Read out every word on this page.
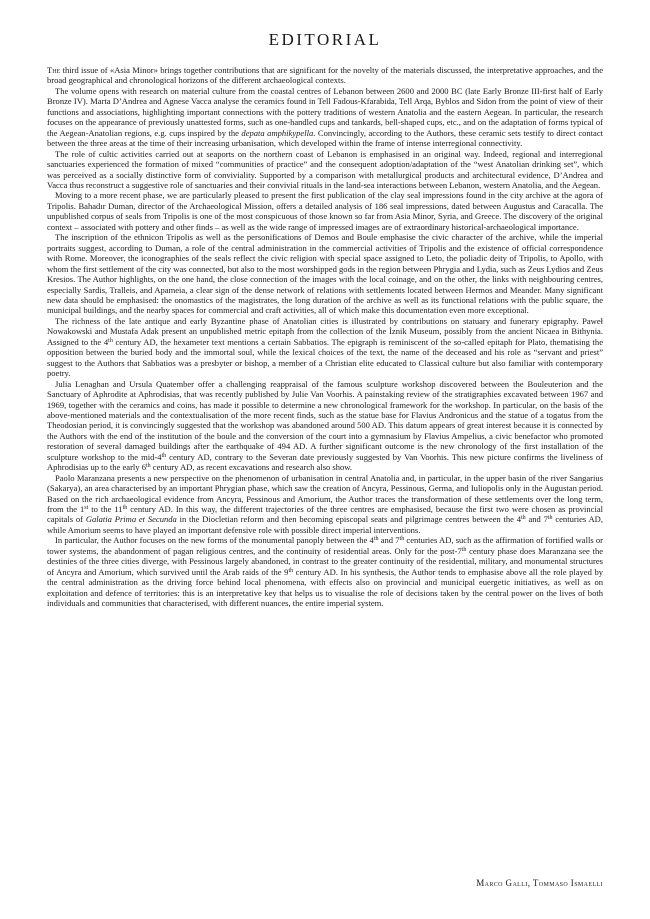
EDITORIAL

The third issue of «Asia Minor» brings together contributions that are significant for the novelty of the materials discussed, the interpretative approaches, and the broad geographical and chronological horizons of the different archaeological contexts.

The volume opens with research on material culture from the coastal centres of Lebanon between 2600 and 2000 BC (late Early Bronze III-first half of Early Bronze IV). Marta D’Andrea and Agnese Vacca analyse the ceramics found in Tell Fadous-Kfarabida, Tell Arqa, Byblos and Sidon from the point of view of their functions and associations, highlighting important connections with the pottery traditions of western Anatolia and the eastern Aegean. In particular, the research focuses on the appearance of previously unattested forms, such as one-handled cups and tankards, bell-shaped cups, etc., and on the adaptation of forms typical of the Aegean-Anatolian regions, e.g. cups inspired by the depata amphikypella. Convincingly, according to the Authors, these ceramic sets testify to direct contact between the three areas at the time of their increasing urbanisation, which developed within the frame of intense interregional connectivity.

The role of cultic activities carried out at seaports on the northern coast of Lebanon is emphasised in an original way. Indeed, regional and interregional sanctuaries experienced the formation of mixed “communities of practice” and the consequent adoption/adaptation of the “west Anatolian drinking set”, which was perceived as a socially distinctive form of conviviality. Supported by a comparison with metallurgical products and architectural evidence, D’Andrea and Vacca thus reconstruct a suggestive role of sanctuaries and their convivial rituals in the land-sea interactions between Lebanon, western Anatolia, and the Aegean.

Moving to a more recent phase, we are particularly pleased to present the first publication of the clay seal impressions found in the city archive at the agora of Tripolis. Bahadır Duman, director of the Archaeological Mission, offers a detailed analysis of 186 seal impressions, dated between Augustus and Caracalla. The unpublished corpus of seals from Tripolis is one of the most conspicuous of those known so far from Asia Minor, Syria, and Greece. The discovery of the original context – associated with pottery and other finds – as well as the wide range of impressed images are of extraordinary historical-archaeological importance.

The inscription of the ethnicon Tripolis as well as the personifications of Demos and Boule emphasise the civic character of the archive, while the imperial portraits suggest, according to Duman, a role of the central administration in the commercial activities of Tripolis and the existence of official correspondence with Rome. Moreover, the iconographies of the seals reflect the civic religion with special space assigned to Leto, the poliadic deity of Tripolis, to Apollo, with whom the first settlement of the city was connected, but also to the most worshipped gods in the region between Phrygia and Lydia, such as Zeus Lydios and Zeus Kresios. The Author highlights, on the one hand, the close connection of the images with the local coinage, and on the other, the links with neighbouring centres, especially Sardis, Tralleis, and Apameia, a clear sign of the dense network of relations with settlements located between Hermos and Meander. Many significant new data should be emphasised: the onomastics of the magistrates, the long duration of the archive as well as its functional relations with the public square, the municipal buildings, and the nearby spaces for commercial and craft activities, all of which make this documentation even more exceptional.

The richness of the late antique and early Byzantine phase of Anatolian cities is illustrated by contributions on statuary and funerary epigraphy. Paweł Nowakowski and Mustafa Adak present an unpublished metric epitaph from the collection of the İznik Museum, possibly from the ancient Nicaea in Bithynia. Assigned to the 4th century AD, the hexameter text mentions a certain Sabbatios. The epigraph is reminiscent of the so-called epitaph for Plato, thematising the opposition between the buried body and the immortal soul, while the lexical choices of the text, the name of the deceased and his role as “servant and priest” suggest to the Authors that Sabbatios was a presbyter or bishop, a member of a Christian elite educated to Classical culture but also familiar with contemporary poetry.

Julia Lenaghan and Ursula Quatember offer a challenging reappraisal of the famous sculpture workshop discovered between the Bouleuterion and the Sanctuary of Aphrodite at Aphrodisias, that was recently published by Julie Van Voorhis. A painstaking review of the stratigraphies excavated between 1967 and 1969, together with the ceramics and coins, has made it possible to determine a new chronological framework for the workshop. In particular, on the basis of the above-mentioned materials and the contextualisation of the more recent finds, such as the statue base for Flavius Andronicus and the statue of a togatus from the Theodosian period, it is convincingly suggested that the workshop was abandoned around 500 AD. This datum appears of great interest because it is connected by the Authors with the end of the institution of the boule and the conversion of the court into a gymnasium by Flavius Ampelius, a civic benefactor who promoted restoration of several damaged buildings after the earthquake of 494 AD. A further significant outcome is the new chronology of the first installation of the sculpture workshop to the mid-4th century AD, contrary to the Severan date previously suggested by Van Voorhis. This new picture confirms the liveliness of Aphrodisias up to the early 6th century AD, as recent excavations and research also show.

Paolo Maranzana presents a new perspective on the phenomenon of urbanisation in central Anatolia and, in particular, in the upper basin of the river Sangarius (Sakarya), an area characterised by an important Phrygian phase, which saw the creation of Ancyra, Pessinous, Germa, and Iuliopolis only in the Augustan period. Based on the rich archaeological evidence from Ancyra, Pessinous and Amorium, the Author traces the transformation of these settlements over the long term, from the 1st to the 11th century AD. In this way, the different trajectories of the three centres are emphasised, because the first two were chosen as provincial capitals of Galatia Prima et Secunda in the Diocletian reform and then becoming episcopal seats and pilgrimage centres between the 4th and 7th centuries AD, while Amorium seems to have played an important defensive role with possible direct imperial interventions.

In particular, the Author focuses on the new forms of the monumental panoply between the 4th and 7th centuries AD, such as the affirmation of fortified walls or tower systems, the abandonment of pagan religious centres, and the continuity of residential areas. Only for the post-7th century phase does Maranzana see the destinies of the three cities diverge, with Pessinous largely abandoned, in contrast to the greater continuity of the residential, military, and monumental structures of Ancyra and Amorium, which survived until the Arab raids of the 9th century AD. In his synthesis, the Author tends to emphasise above all the role played by the central administration as the driving force behind local phenomena, with effects also on provincial and municipal euergetic initiatives, as well as on exploitation and defence of territories: this is an interpretative key that helps us to visualise the role of decisions taken by the central power on the lives of both individuals and communities that characterised, with different nuances, the entire imperial system.

Marco Galli, Tommaso Ismaelli
